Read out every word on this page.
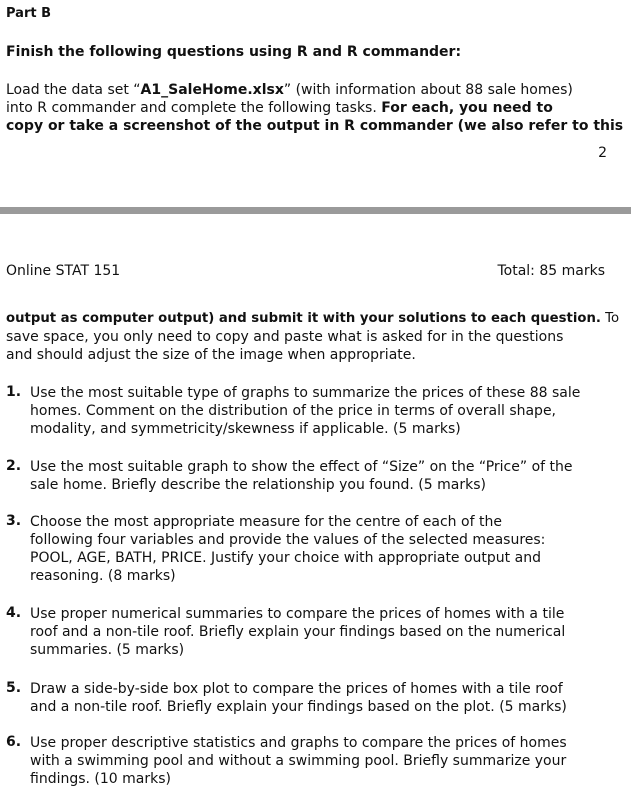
Part B
Finish the following questions using R and R commander:
Load the data set “A1_SaleHome.xlsx” (with information about 88 sale homes)
into R commander and complete the following tasks. For each, you need to
copy or take a screenshot of the output in R commander (we also refer to this
2
Online STAT 151	Total: 85 marks
output as computer output) and submit it with your solutions to each question. To
save space, you only need to copy and paste what is asked for in the questions
and should adjust the size of the image when appropriate.
1. Use the most suitable type of graphs to summarize the prices of these 88 sale
homes. Comment on the distribution of the price in terms of overall shape,
modality, and symmetricity/skewness if applicable. (5 marks)
2. Use the most suitable graph to show the effect of “Size” on the “Price” of the
sale home. Briefly describe the relationship you found. (5 marks)
3. Choose the most appropriate measure for the centre of each of the
following four variables and provide the values of the selected measures:
POOL, AGE, BATH, PRICE. Justify your choice with appropriate output and
reasoning. (8 marks)
4. Use proper numerical summaries to compare the prices of homes with a tile
roof and a non-tile roof. Briefly explain your findings based on the numerical
summaries. (5 marks)
5. Draw a side-by-side box plot to compare the prices of homes with a tile roof
and a non-tile roof. Briefly explain your findings based on the plot. (5 marks)
6. Use proper descriptive statistics and graphs to compare the prices of homes
with a swimming pool and without a swimming pool. Briefly summarize your
findings. (10 marks)
